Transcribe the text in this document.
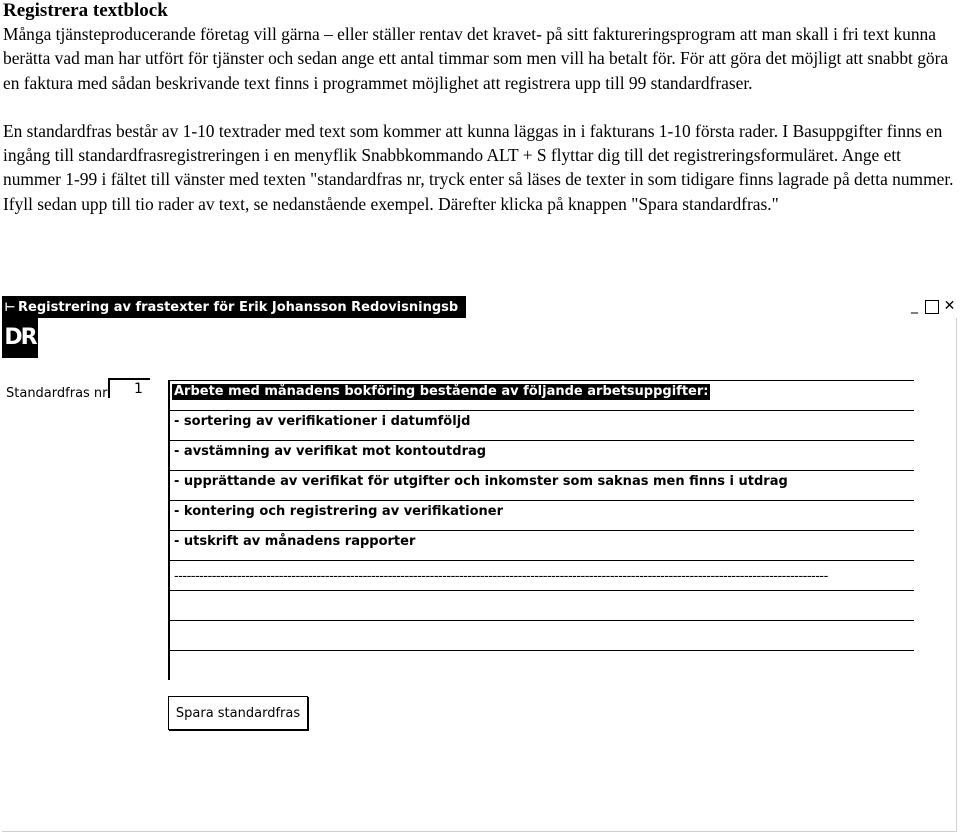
Registrera textblock

Många tjänsteproducerande företag vill gärna – eller ställer rentav det kravet- på sitt faktureringsprogram att man skall i fri text kunna berätta vad man har utfört för tjänster och sedan ange ett antal timmar som men vill ha betalt för. För att göra det möjligt att snabbt göra en faktura med sådan beskrivande text finns i programmet möjlighet att registrera upp till 99 standardfraser.

En standardfras består av 1-10 textrader med text som kommer att kunna läggas in i fakturans 1-10 första rader. I Basuppgifter finns en ingång till standardfrasregistreringen i en menyflik Snabbkommando ALT + S flyttar dig till det registreringsformuläret. Ange ett nummer 1-99 i fältet till vänster med texten "standardfras nr, tryck enter så läses de texter in som tidigare finns lagrade på detta nummer. Ifyll sedan upp till tio rader av text, se nedanstående exempel. Därefter klicka på knappen "Spara standardfras."

⊢ Registrering av frastexter för Erik Johansson Redovisningsb	_	✕
DR
Standardfras nr
1	Arbete med månadens bokföring bestående av följande arbetsuppgifter:
- sortering av verifikationer i datumföljd
- avstämning av verifikat mot kontoutdrag
- upprättande av verifikat för utgifter och inkomster som saknas men finns i utdrag
- kontering och registrering av verifikationer
- utskrift av månadens rapporter
------------------------------------------------------------------------------------------------------------------------------------------------------------
Spara standardfras
